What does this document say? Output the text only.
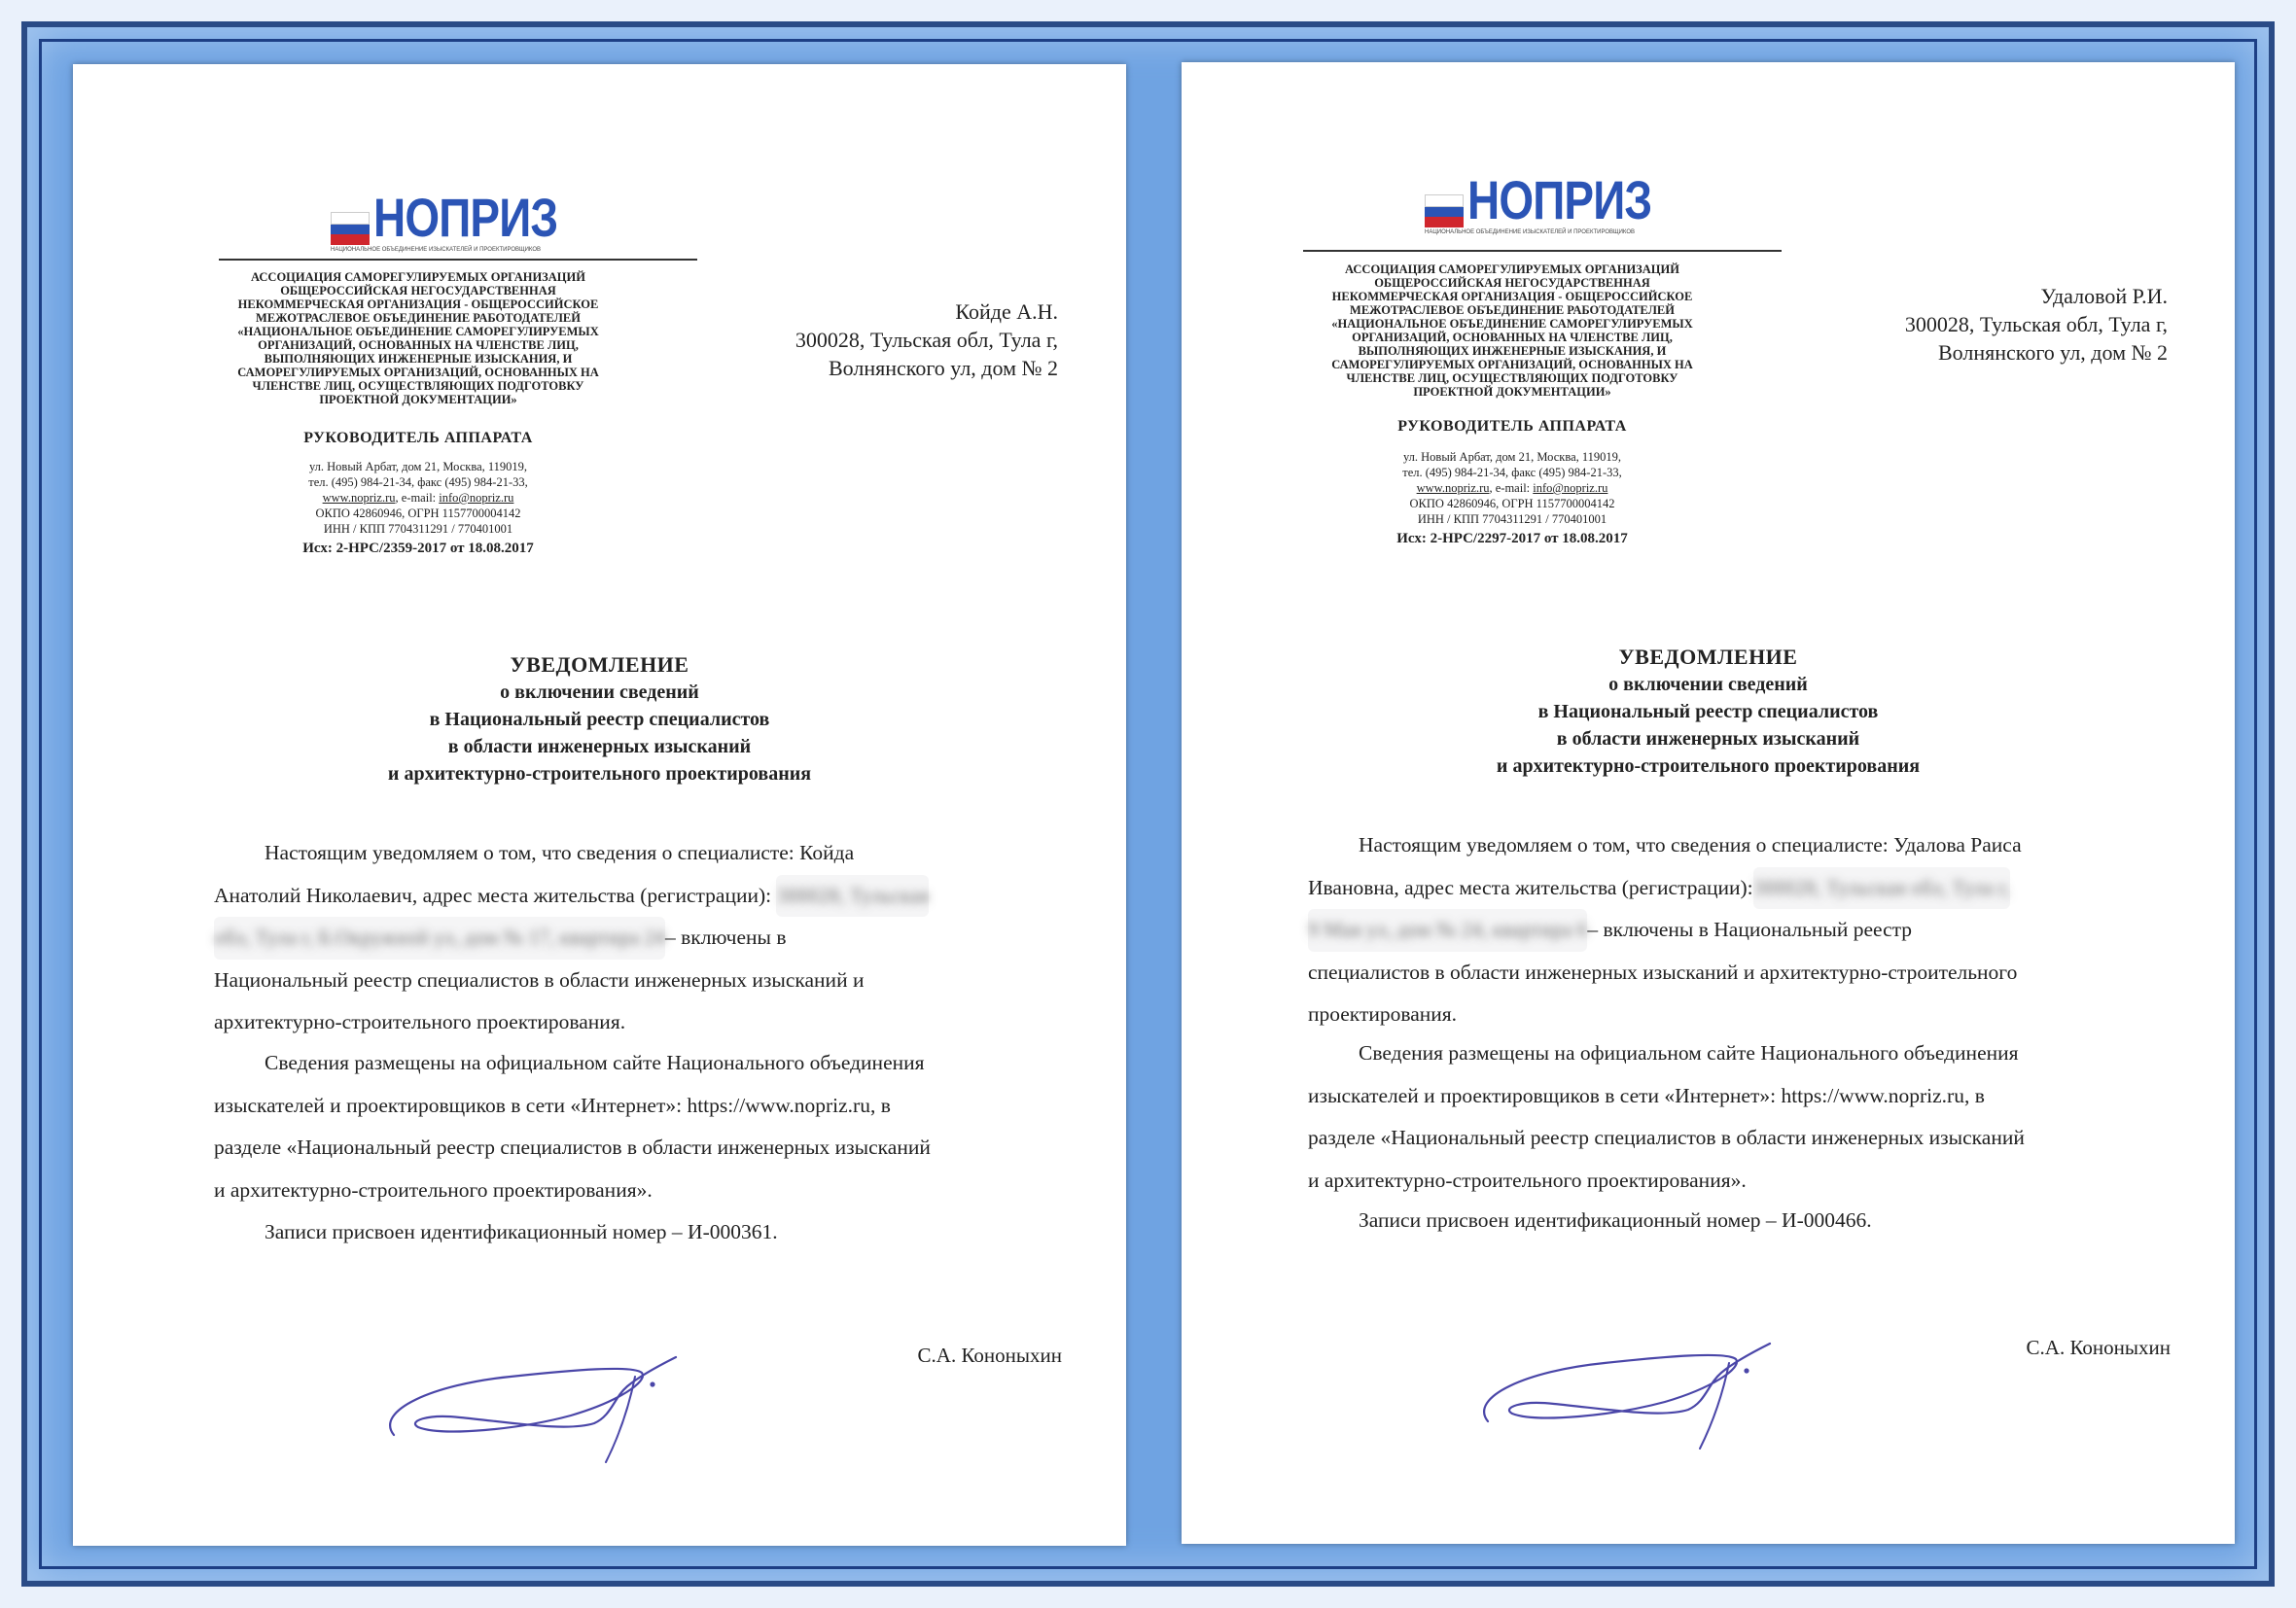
НОПРИЗ
НАЦИОНАЛЬНОЕ ОБЪЕДИНЕНИЕ ИЗЫСКАТЕЛЕЙ И ПРОЕКТИРОВЩИКОВ
АССОЦИАЦИЯ САМОРЕГУЛИРУЕМЫХ ОРГАНИЗАЦИЙ
ОБЩЕРОССИЙСКАЯ НЕГОСУДАРСТВЕННАЯ
НЕКОММЕРЧЕСКАЯ ОРГАНИЗАЦИЯ - ОБЩЕРОССИЙСКОЕ
МЕЖОТРАСЛЕВОЕ ОБЪЕДИНЕНИЕ РАБОТОДАТЕЛЕЙ
«НАЦИОНАЛЬНОЕ ОБЪЕДИНЕНИЕ САМОРЕГУЛИРУЕМЫХ
ОРГАНИЗАЦИЙ, ОСНОВАННЫХ НА ЧЛЕНСТВЕ ЛИЦ,
ВЫПОЛНЯЮЩИХ ИНЖЕНЕРНЫЕ ИЗЫСКАНИЯ, И
САМОРЕГУЛИРУЕМЫХ ОРГАНИЗАЦИЙ, ОСНОВАННЫХ НА
ЧЛЕНСТВЕ ЛИЦ, ОСУЩЕСТВЛЯЮЩИХ ПОДГОТОВКУ
ПРОЕКТНОЙ ДОКУМЕНТАЦИИ»
РУКОВОДИТЕЛЬ АППАРАТА
ул. Новый Арбат, дом 21, Москва, 119019,
тел. (495) 984-21-34, факс (495) 984-21-33,
www.nopriz.ru, e-mail: info@nopriz.ru
ОКПО 42860946, ОГРН 1157700004142
ИНН / КПП 7704311291 / 770401001
Исх: 2-НРС/2359-2017 от 18.08.2017
Койде А.Н.
300028, Тульская обл, Тула г,
Волнянского ул, дом № 2
УВЕДОМЛЕНИЕ
о включении сведений
в Национальный реестр специалистов
в области инженерных изысканий
и архитектурно-строительного проектирования
Настоящим уведомляем о том, что сведения о специалисте: Койда
Анатолий Николаевич, адрес места жительства (регистрации): 300028, Тульская
обл, Тула г, Б.Окружной ул, дом № 17, квартира 24– включены в
Национальный реестр специалистов в области инженерных изысканий и
архитектурно-строительного проектирования.
Сведения размещены на официальном сайте Национального объединения
изыскателей и проектировщиков в сети «Интернет»: https://www.nopriz.ru, в
разделе «Национальный реестр специалистов в области инженерных изысканий
и архитектурно-строительного проектирования».
Записи присвоен идентификационный номер – И-000361.
С.А. Кононыхин
НОПРИЗ
НАЦИОНАЛЬНОЕ ОБЪЕДИНЕНИЕ ИЗЫСКАТЕЛЕЙ И ПРОЕКТИРОВЩИКОВ
АССОЦИАЦИЯ САМОРЕГУЛИРУЕМЫХ ОРГАНИЗАЦИЙ
ОБЩЕРОССИЙСКАЯ НЕГОСУДАРСТВЕННАЯ
НЕКОММЕРЧЕСКАЯ ОРГАНИЗАЦИЯ - ОБЩЕРОССИЙСКОЕ
МЕЖОТРАСЛЕВОЕ ОБЪЕДИНЕНИЕ РАБОТОДАТЕЛЕЙ
«НАЦИОНАЛЬНОЕ ОБЪЕДИНЕНИЕ САМОРЕГУЛИРУЕМЫХ
ОРГАНИЗАЦИЙ, ОСНОВАННЫХ НА ЧЛЕНСТВЕ ЛИЦ,
ВЫПОЛНЯЮЩИХ ИНЖЕНЕРНЫЕ ИЗЫСКАНИЯ, И
САМОРЕГУЛИРУЕМЫХ ОРГАНИЗАЦИЙ, ОСНОВАННЫХ НА
ЧЛЕНСТВЕ ЛИЦ, ОСУЩЕСТВЛЯЮЩИХ ПОДГОТОВКУ
ПРОЕКТНОЙ ДОКУМЕНТАЦИИ»
РУКОВОДИТЕЛЬ АППАРАТА
ул. Новый Арбат, дом 21, Москва, 119019,
тел. (495) 984-21-34, факс (495) 984-21-33,
www.nopriz.ru, e-mail: info@nopriz.ru
ОКПО 42860946, ОГРН 1157700004142
ИНН / КПП 7704311291 / 770401001
Исх: 2-НРС/2297-2017 от 18.08.2017
Удаловой Р.И.
300028, Тульская обл, Тула г,
Волнянского ул, дом № 2
УВЕДОМЛЕНИЕ
о включении сведений
в Национальный реестр специалистов
в области инженерных изысканий
и архитектурно-строительного проектирования
Настоящим уведомляем о том, что сведения о специалисте: Удалова Раиса
Ивановна, адрес места жительства (регистрации):300028, Тульская обл, Тула г,
9 Мая ул, дом № 24, квартира 6– включены в Национальный реестр
специалистов в области инженерных изысканий и архитектурно-строительного
проектирования.
Сведения размещены на официальном сайте Национального объединения
изыскателей и проектировщиков в сети «Интернет»: https://www.nopriz.ru, в
разделе «Национальный реестр специалистов в области инженерных изысканий
и архитектурно-строительного проектирования».
Записи присвоен идентификационный номер – И-000466.
С.А. Кононыхин
